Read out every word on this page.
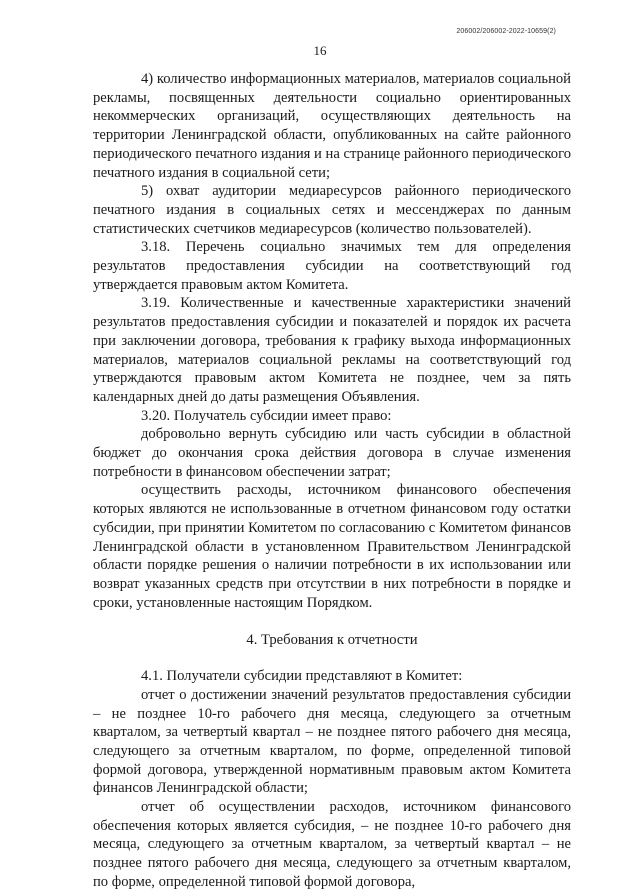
206002/206002-2022-10659(2)
16

4) количество информационных материалов, материалов социальной рекламы, посвященных деятельности социально ориентированных некоммерческих организаций, осуществляющих деятельность на территории Ленинградской области, опубликованных на сайте районного периодического печатного издания и на странице районного периодического печатного издания в социальной сети;

5) охват аудитории медиаресурсов районного периодического печатного издания в социальных сетях и мессенджерах по данным статистических счетчиков медиаресурсов (количество пользователей).

3.18. Перечень социально значимых тем для определения результатов предоставления субсидии на соответствующий год утверждается правовым актом Комитета.

3.19. Количественные и качественные характеристики значений результатов предоставления субсидии и показателей и порядок их расчета при заключении договора, требования к графику выхода информационных материалов, материалов социальной рекламы на соответствующий год утверждаются правовым актом Комитета не позднее, чем за пять календарных дней до даты размещения Объявления.

3.20. Получатель субсидии имеет право:

добровольно вернуть субсидию или часть субсидии в областной бюджет до окончания срока действия договора в случае изменения потребности в финансовом обеспечении затрат;

осуществить расходы, источником финансового обеспечения которых являются не использованные в отчетном финансовом году остатки субсидии, при принятии Комитетом по согласованию с Комитетом финансов Ленинградской области в установленном Правительством Ленинградской области порядке решения о наличии потребности в их использовании или возврат указанных средств при отсутствии в них потребности в порядке и сроки, установленные настоящим Порядком.

4. Требования к отчетности

4.1. Получатели субсидии представляют в Комитет:

отчет о достижении значений результатов предоставления субсидии – не позднее 10-го рабочего дня месяца, следующего за отчетным кварталом, за четвертый квартал – не позднее пятого рабочего дня месяца, следующего за отчетным кварталом, по форме, определенной типовой формой договора, утвержденной нормативным правовым актом Комитета финансов Ленинградской области;

отчет об осуществлении расходов, источником финансового обеспечения которых является субсидия, – не позднее 10-го рабочего дня месяца, следующего за отчетным кварталом, за четвертый квартал – не позднее пятого рабочего дня месяца, следующего за отчетным кварталом, по форме, определенной типовой формой договора,
